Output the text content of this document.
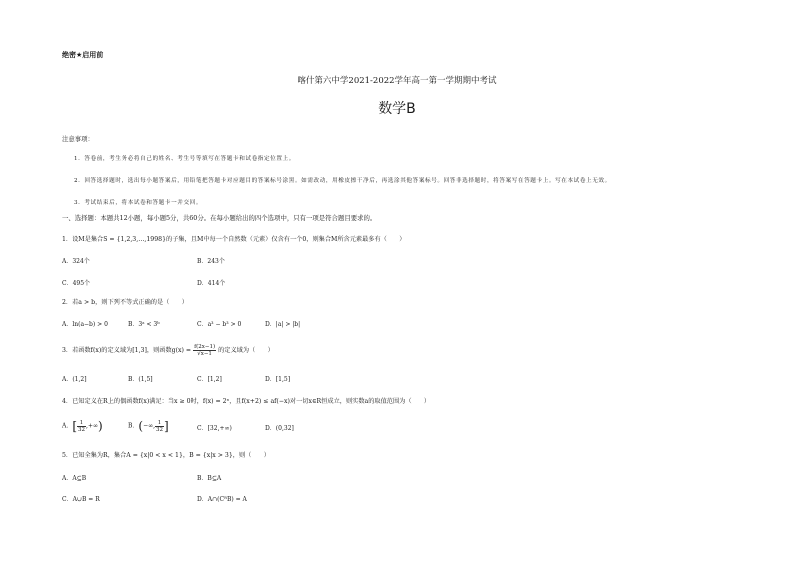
绝密★启用前
喀什第六中学2021-2022学年高一第一学期期中考试
数学B
注意事项：
1．答卷前，考生务必将自己的姓名、考生号等填写在答题卡和试卷指定位置上。
2．回答选择题时，选出每小题答案后，用铅笔把答题卡对应题目的答案标号涂黑。如需改动，用橡皮擦干净后，再选涂其他答案标号。回答非选择题时，将答案写在答题卡上。写在本试卷上无效。
3．考试结束后，将本试卷和答题卡一并交回。
一、选择题：本题共12小题，每小题5分，共60分。在每小题给出的四个选项中，只有一项是符合题目要求的。
1．设M是集合S = {1,2,3,…,1998}的子集，且M中每一个自然数（元素）仅含有一个0，则集合M所含元素最多有（　　）
A．324个	B．243个
C．495个	D．414个
2．若a > b，则下列不等式正确的是（　　）
A．ln(a−b) > 0	B．3ᵃ < 3ᵇ	C．a³ − b³ > 0	D．|a| > |b|
3．若函数f(x)的定义域为[1,3]，则函数$g(x) = \frac{f(2x-1)}{√x-1}$ 的定义域为（　　）
A．(1,2]	B．(1,5]	C．[1,2]	D．[1,5]
4．已知定义在R上的偶函数f(x)满足：当x ≥ 0时，f(x) = 2ˣ，且f(x+2) ≤ af(−x)对一切x∈R恒成立，则实数a的取值范围为（　　）
A．[ $\frac{1}{32}$ ,+∞)	B．(−∞, $\frac{1}{32}$ ]	C．[32,+∞)	D．(0,32]
5．已知全集为R，集合A = {x|0 < x < 1}，B = {x|x > 3}，则（　　）
A．A⊆B	B．B⊆A
C．A∪B = R	D．A∩(CᴿB) = A
